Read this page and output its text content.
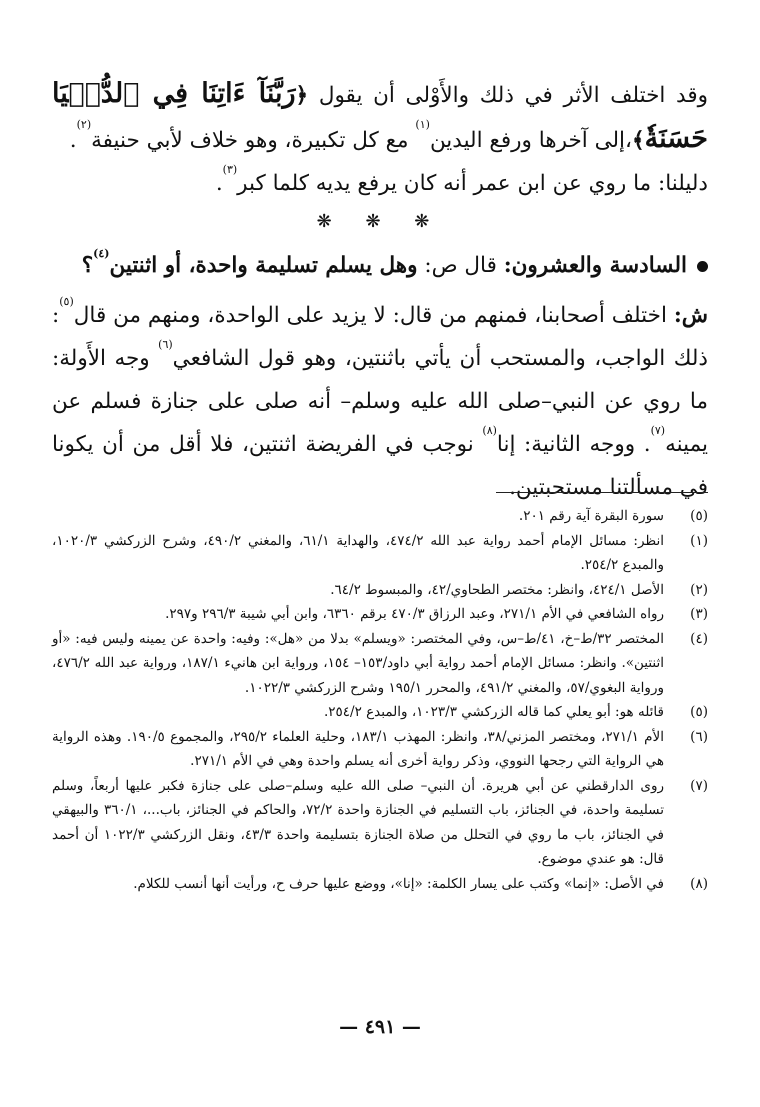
وقد اختلف الأثر في ذلك والأَوْلى أن يقول ﴿رَبَّنَآ ءَاتِنَا فِي ٱلدُّنۡيَا حَسَنَةٗ﴾،إلى آخرها ورفع اليدين$^{(١)}$ مع كل تكبيرة، وهو خلاف لأبي حنيفة$^{(٢)}$.

دليلنا: ما روي عن ابن عمر أنه كان يرفع يديه كلما كبر$^{(٣)}$.

❋ ❋ ❋

السادسة والعشرون: قال ص: وهل يسلم تسليمة واحدة، أو اثنتين$^{(٤)}$؟

ش: اختلف أصحابنا، فمنهم من قال: لا يزيد على الواحدة، ومنهم من قال$^{(٥)}$: ذلك الواجب، والمستحب أن يأتي باثنتين، وهو قول الشافعي$^{(٦)}$ وجه الأَولة: ما روي عن النبي–صلى الله عليه وسلم– أنه صلى على جنازة فسلم عن يمينه$^{(٧)}$. ووجه الثانية: إنا$^{(٨)}$ نوجب في الفريضة اثنتين، فلا أقل من أن يكونا في مسألتنا مستحبتين.

(٥)
سورة البقرة آية رقم ٢٠١.
(١)
انظر: مسائل الإمام أحمد رواية عبد الله ٤٧٤/٢، والهداية ٦١/١، والمغني ٤٩٠/٢، وشرح الزركشي ١٠٢٠/٣، والمبدع ٢٥٤/٢.
(٢)
الأصل ٤٢٤/١، وانظر: مختصر الطحاوي/٤٢، والمبسوط ٦٤/٢.
(٣)
رواه الشافعي في الأم ٢٧١/١، وعبد الرزاق ٤٧٠/٣ برقم ٦٣٦٠، وابن أبي شيبة ٢٩٦/٣ و٢٩٧.
(٤)
المختصر ٣٢/ط–خ، ٤١/ط–س، وفي المختصر: «ويسلم» بدلا من «هل»: وفيه: واحدة عن يمينه وليس فيه: «أو اثنتين». وانظر: مسائل الإمام أحمد رواية أبي داود/١٥٣– ١٥٤، ورواية ابن هانيء ١٨٧/١، ورواية عبد الله ٤٧٦/٢، ورواية البغوي/٥٧، والمغني ٤٩١/٢، والمحرر ١٩٥/١ وشرح الزركشي ١٠٢٢/٣.
(٥)
قائله هو: أبو يعلي كما قاله الزركشي ١٠٢٣/٣، والمبدع ٢٥٤/٢.
(٦)
الأم ٢٧١/١، ومختصر المزني/٣٨، وانظر: المهذب ١٨٣/١، وحلية العلماء ٢٩٥/٢، والمجموع ١٩٠/٥. وهذه الرواية هي الرواية التي رجحها النووي، وذكر رواية أخرى أنه يسلم واحدة وهي في الأم ٢٧١/١.
(٧)
روى الدارقطني عن أبي هريرة. أن النبي– صلى الله عليه وسلم–صلى على جنازة فكبر عليها أربعاً، وسلم تسليمة واحدة، في الجنائز، باب التسليم في الجنازة واحدة ٧٢/٢، والحاكم في الجنائز، باب...، ٣٦٠/١ والبيهقي في الجنائز، باب ما روي في التحلل من صلاة الجنازة بتسليمة واحدة ٤٣/٣، ونقل الزركشي ١٠٢٢/٣ أن أحمد قال: هو عندي موضوع.
(٨)
في الأصل: «إنما» وكتب على يسار الكلمة: «إنا»، ووضع عليها حرف ح، ورأيت أنها أنسب للكلام.
— ٤٩١ —
